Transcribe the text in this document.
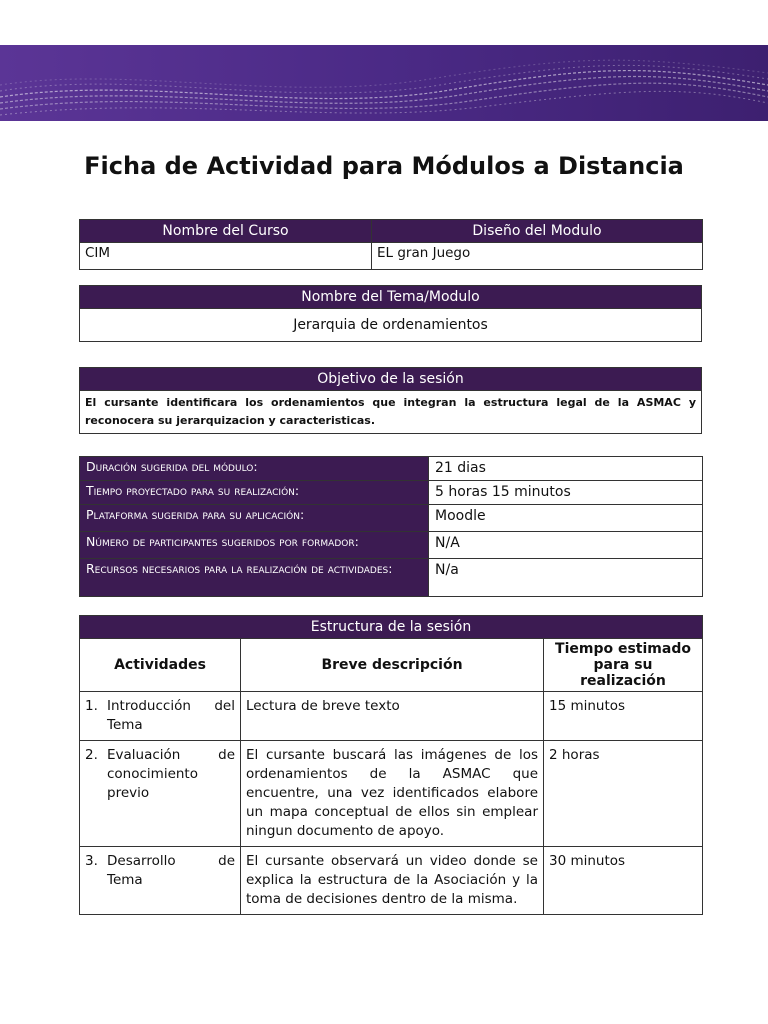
Ficha de Actividad para Módulos a Distancia
Nombre del Curso	Diseño del Modulo
CIM	EL gran Juego
Nombre del Tema/Modulo
Jerarquia de ordenamientos
Objetivo de la sesión
El cursante identificara los ordenamientos que integran la estructura legal de la ASMAC y reconocera su jerarquizacion y caracteristicas.
Duración sugerida del módulo:	21 dias
Tiempo proyectado para su realización:	5 horas 15 minutos
Plataforma sugerida para su aplicación:	Moodle
Número de participantes sugeridos por formador:	N/A
Recursos necesarios para la realización de actividades:	N/a
Estructura de la sesión		
Actividades	Breve descripción	Tiempo estimado para su realización

1. Introducción del
Tema	Lectura de breve texto	15 minutos

2. Evaluación de
conocimiento previo	El cursante buscará las imágenes de los ordenamientos de la ASMAC que encuentre, una vez identificados elabore un mapa conceptual de ellos sin emplear ningun documento de apoyo.	2 horas

3. Desarrollo de
Tema	El cursante observará un video donde se explica la estructura de la Asociación y la toma de decisiones dentro de la misma.	30 minutos
